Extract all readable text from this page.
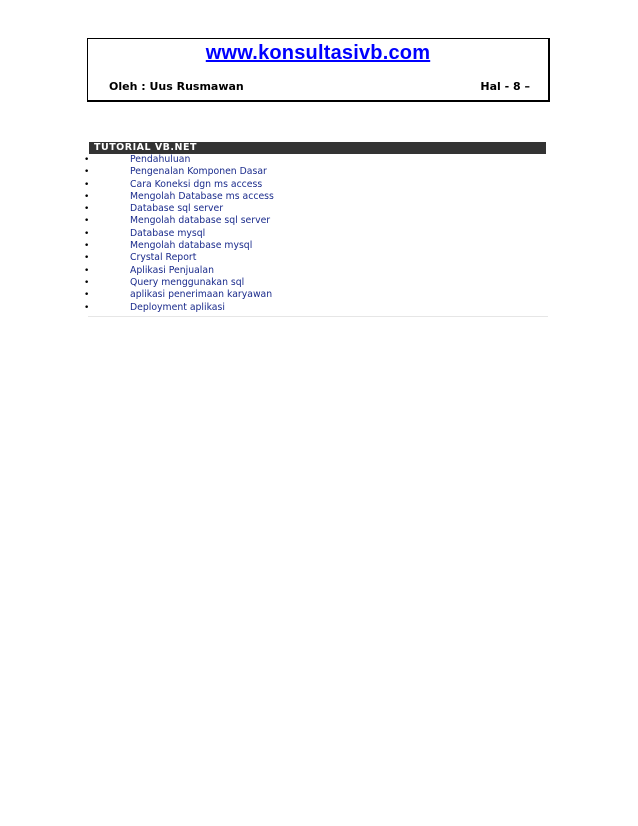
www.konsultasivb.com
Oleh : Uus Rusmawan	Hal - 8 –
TUTORIAL VB.NET
•	Pendahuluan
•	Pengenalan Komponen Dasar
•	Cara Koneksi dgn ms access
•	Mengolah Database ms access
•	Database sql server
•	Mengolah database sql server
•	Database mysql
•	Mengolah database mysql
•	Crystal Report
•	Aplikasi Penjualan
•	Query menggunakan sql
•	aplikasi penerimaan karyawan
•	Deployment aplikasi
